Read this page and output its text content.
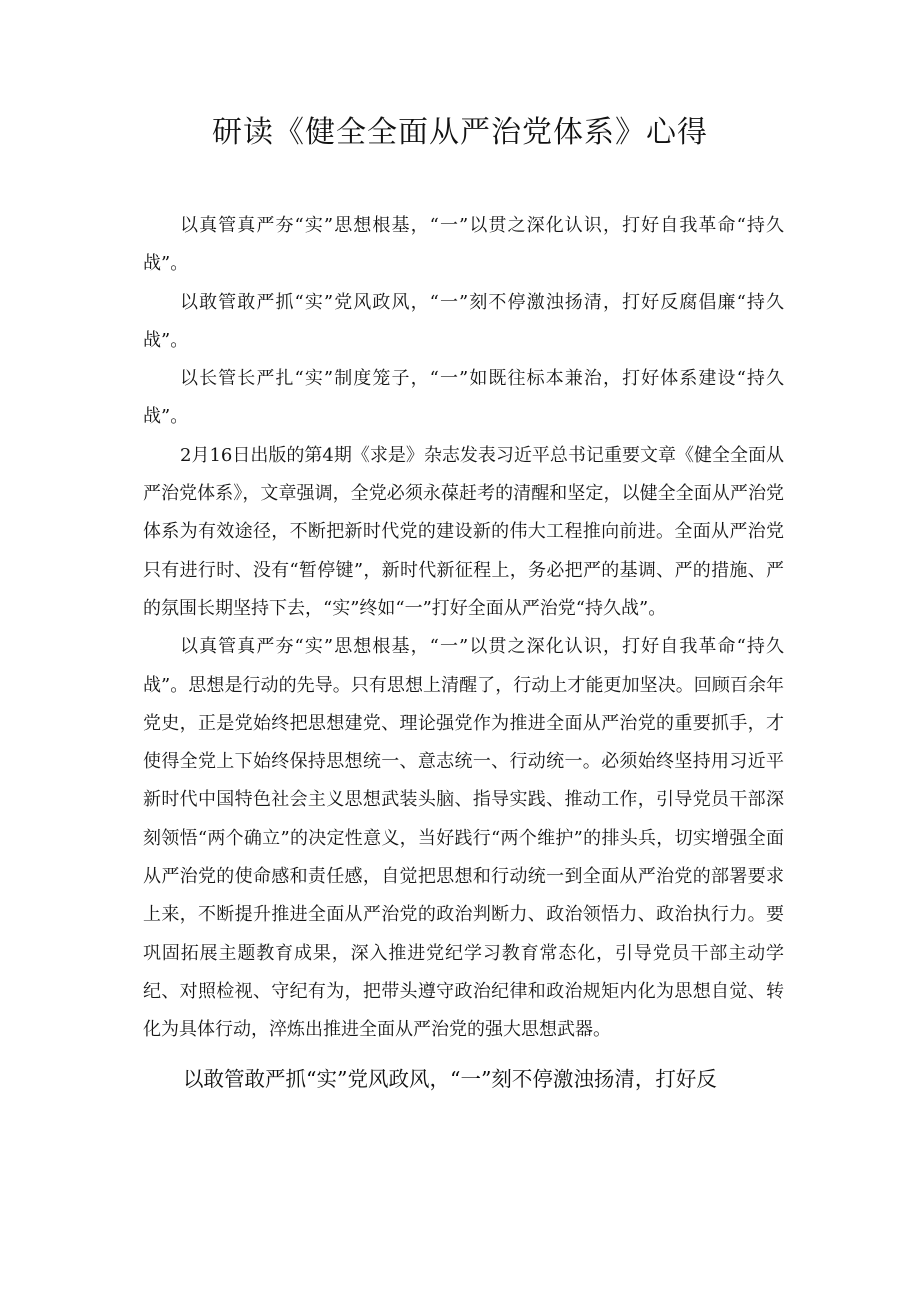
研读《健全全面从严治党体系》心得

以真管真严夯“实”思想根基，“一”以贯之深化认识，打好自我革命“持久战”。

以敢管敢严抓“实”党风政风，“一”刻不停激浊扬清，打好反腐倡廉“持久战”。

以长管长严扎“实”制度笼子，“一”如既往标本兼治，打好体系建设“持久战”。

2月16日出版的第4期《求是》杂志发表习近平总书记重要文章《健全全面从严治党体系》，文章强调，全党必须永葆赶考的清醒和坚定，以健全全面从严治党体系为有效途径，不断把新时代党的建设新的伟大工程推向前进。全面从严治党只有进行时、没有“暂停键”，新时代新征程上，务必把严的基调、严的措施、严的氛围长期坚持下去，“实”终如“一”打好全面从严治党“持久战”。

以真管真严夯“实”思想根基，“一”以贯之深化认识，打好自我革命“持久战”。思想是行动的先导。只有思想上清醒了，行动上才能更加坚决。回顾百余年党史，正是党始终把思想建党、理论强党作为推进全面从严治党的重要抓手，才使得全党上下始终保持思想统一、意志统一、行动统一。必须始终坚持用习近平新时代中国特色社会主义思想武装头脑、指导实践、推动工作，引导党员干部深刻领悟“两个确立”的决定性意义，当好践行“两个维护”的排头兵，切实增强全面从严治党的使命感和责任感，自觉把思想和行动统一到全面从严治党的部署要求上来，不断提升推进全面从严治党的政治判断力、政治领悟力、政治执行力。要巩固拓展主题教育成果，深入推进党纪学习教育常态化，引导党员干部主动学纪、对照检视、守纪有为，把带头遵守政治纪律和政治规矩内化为思想自觉、转化为具体行动，淬炼出推进全面从严治党的强大思想武器。

以敢管敢严抓“实”党风政风，“一”刻不停激浊扬清，打好反
